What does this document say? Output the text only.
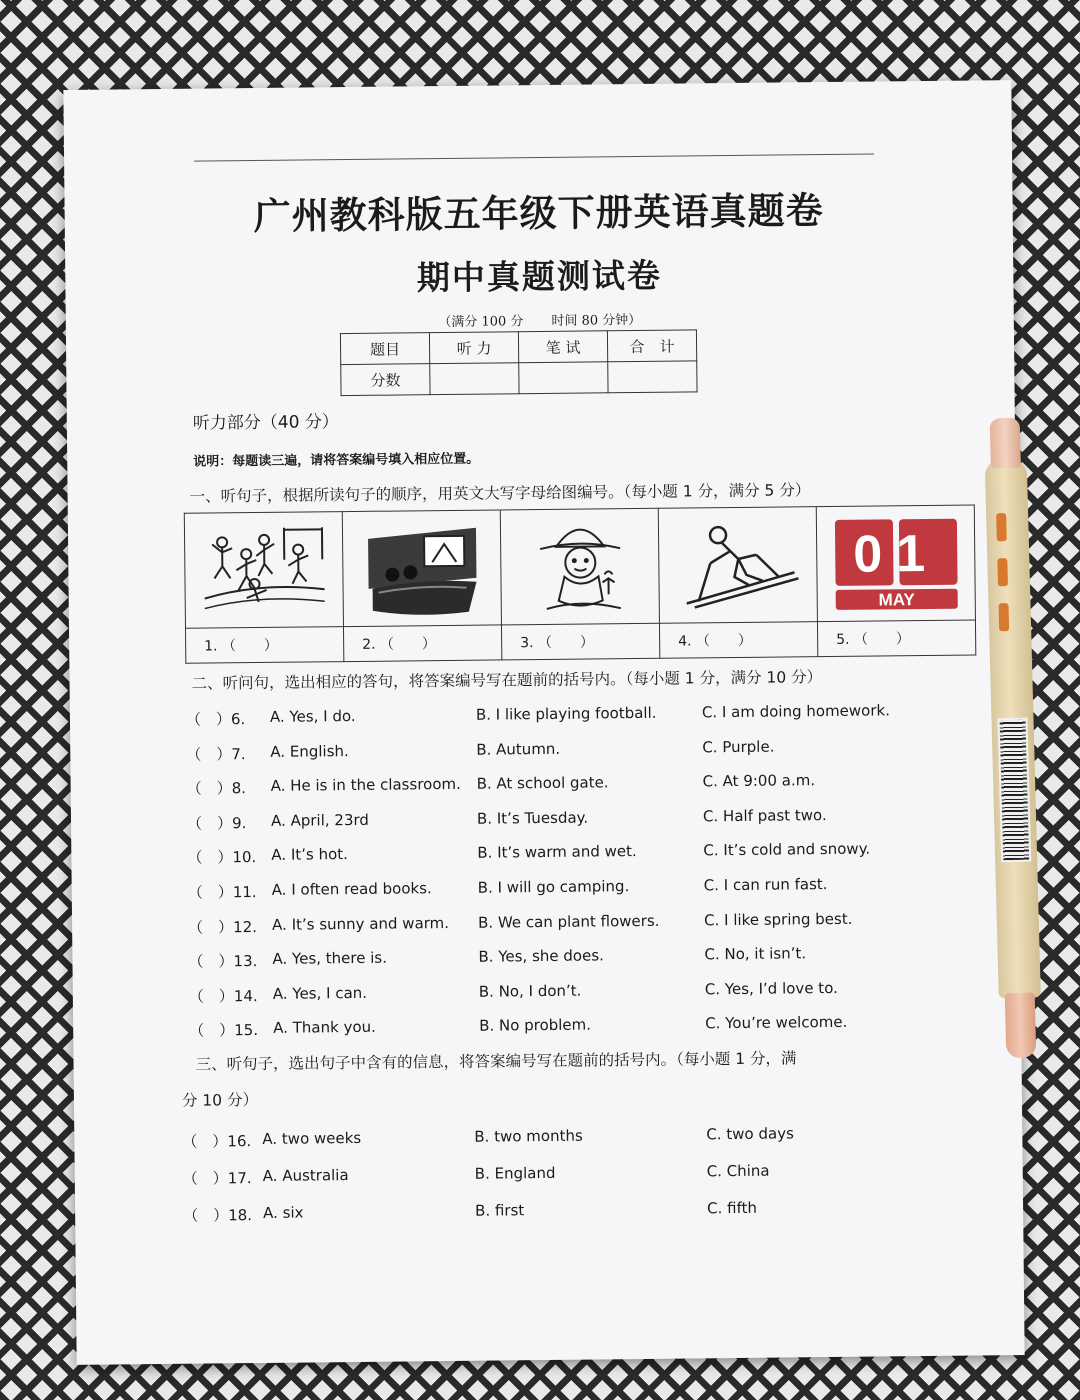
广州教科版五年级下册英语真题卷
期中真题测试卷
（满分 100 分 时间 80 分钟）
题目	听 力	笔 试	合　计
分数			
听力部分（40 分）
说明：每题读三遍，请将答案编号填入相应位置。
一、听句子，根据所读句子的顺序，用英文大写字母给图编号。（每小题 1 分，满分 5 分）

01
MAY

1. （　　）	2. （　　）	3. （　　）	4. （　　）	5. （　　）
二、听问句，选出相应的答句，将答案编号写在题前的括号内。（每小题 1 分，满分 10 分）
（　）6. A. Yes, I do.	B. I like playing football.	C. I am doing homework.
（　）7. A. English.	B. Autumn.	C. Purple.
（　）8. A. He is in the classroom. B. At school gate.	C. At 9:00 a.m.
（　）9. A. April, 23rd	B. It’s Tuesday.	C. Half past two.
（　）10. A. It’s hot.	B. It’s warm and wet.	C. It’s cold and snowy.
（　）11. A. I often read books.	B. I will go camping.	C. I can run fast.
（　）12. A. It’s sunny and warm. B. We can plant flowers.	C. I like spring best.
（　）13. A. Yes, there is.	B. Yes, she does.	C. No, it isn’t.
（　）14. A. Yes, I can.	B. No, I don’t.	C. Yes, I’d love to.
（　）15. A. Thank you.	B. No problem.	C. You’re welcome.
三、听句子，选出句子中含有的信息，将答案编号写在题前的括号内。（每小题 1 分，满
分 10 分）
（　）16. A. two weeks	B. two months	C. two days
（　）17. A. Australia	B. England	C. China
（　）18. A. six	B. first	C. fifth
